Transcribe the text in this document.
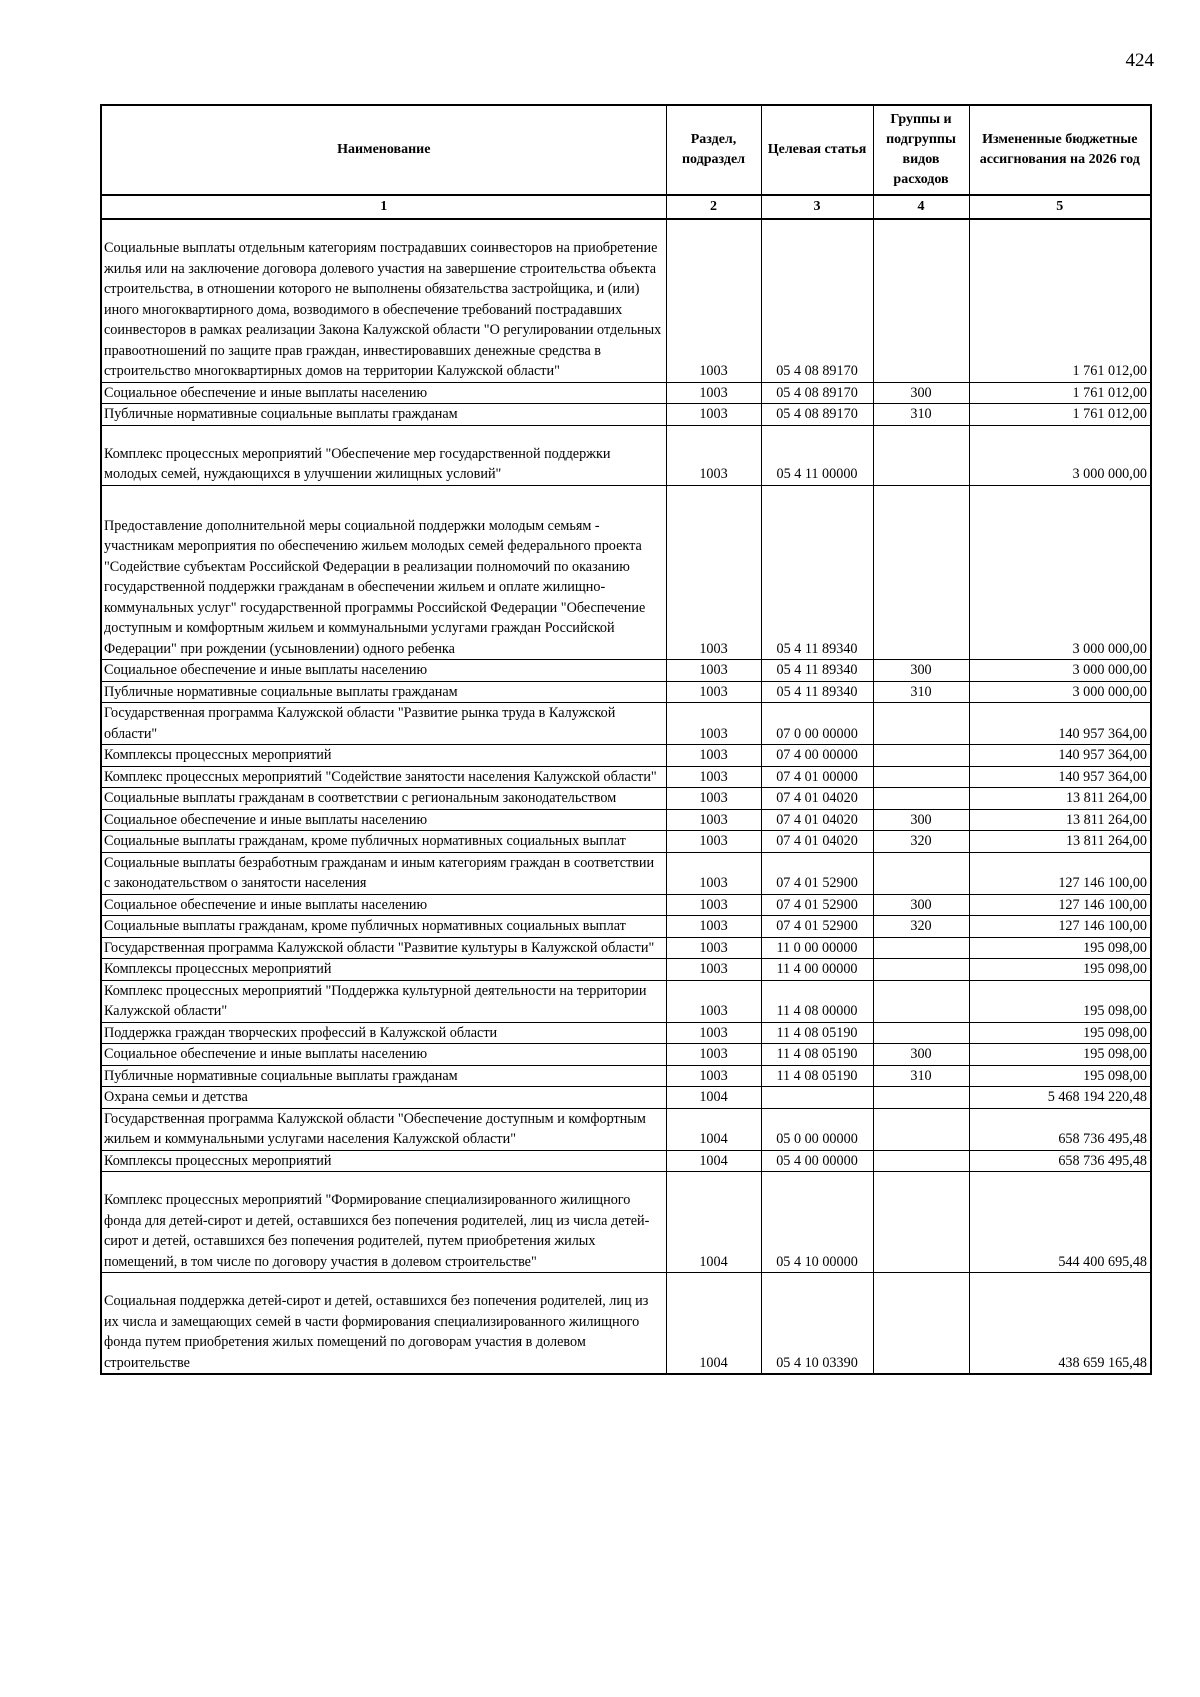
424
Наименование	Раздел, подраздел	Целевая статья	Группы и подгруппы видов расходов	Измененные бюджетные ассигнования на 2026 год
1	2	3	4	5
Социальные выплаты отдельным категориям пострадавших соинвесторов на приобретение жилья или на заключение договора долевого участия на завершение строительства объекта строительства, в отношении которого не выполнены обязательства застройщика, и (или) иного многоквартирного дома, возводимого в обеспечение требований пострадавших соинвесторов в рамках реализации Закона Калужской области "О регулировании отдельных правоотношений по защите прав граждан, инвестировавших денежные средства в строительство многоквартирных домов на территории Калужской области"	1003	05 4 08 89170		1 761 012,00
Социальное обеспечение и иные выплаты населению	1003	05 4 08 89170	300	1 761 012,00
Публичные нормативные социальные выплаты гражданам	1003	05 4 08 89170	310	1 761 012,00
Комплекс процессных мероприятий "Обеспечение мер государственной поддержки молодых семей, нуждающихся в улучшении жилищных условий"	1003	05 4 11 00000		3 000 000,00
Предоставление дополнительной меры социальной поддержки молодым семьям - участникам мероприятия по обеспечению жильем молодых семей федерального проекта "Содействие субъектам Российской Федерации в реализации полномочий по оказанию государственной поддержки гражданам в обеспечении жильем и оплате жилищно-коммунальных услуг" государственной программы Российской Федерации "Обеспечение доступным и комфортным жильем и коммунальными услугами граждан Российской Федерации" при рождении (усыновлении) одного ребенка	1003	05 4 11 89340		3 000 000,00
Социальное обеспечение и иные выплаты населению	1003	05 4 11 89340	300	3 000 000,00
Публичные нормативные социальные выплаты гражданам	1003	05 4 11 89340	310	3 000 000,00
Государственная программа Калужской области "Развитие рынка труда в Калужской области"	1003	07 0 00 00000		140 957 364,00
Комплексы процессных мероприятий	1003	07 4 00 00000		140 957 364,00
Комплекс процессных мероприятий "Содействие занятости населения Калужской области"	1003	07 4 01 00000		140 957 364,00
Социальные выплаты гражданам в соответствии с региональным законодательством	1003	07 4 01 04020		13 811 264,00
Социальное обеспечение и иные выплаты населению	1003	07 4 01 04020	300	13 811 264,00
Социальные выплаты гражданам, кроме публичных нормативных социальных выплат	1003	07 4 01 04020	320	13 811 264,00
Социальные выплаты безработным гражданам и иным категориям граждан в соответствии с законодательством о занятости населения	1003	07 4 01 52900		127 146 100,00
Социальное обеспечение и иные выплаты населению	1003	07 4 01 52900	300	127 146 100,00
Социальные выплаты гражданам, кроме публичных нормативных социальных выплат	1003	07 4 01 52900	320	127 146 100,00
Государственная программа Калужской области "Развитие культуры в Калужской области"	1003	11 0 00 00000		195 098,00
Комплексы процессных мероприятий	1003	11 4 00 00000		195 098,00
Комплекс процессных мероприятий "Поддержка культурной деятельности на территории Калужской области"	1003	11 4 08 00000		195 098,00
Поддержка граждан творческих профессий в Калужской области	1003	11 4 08 05190		195 098,00
Социальное обеспечение и иные выплаты населению	1003	11 4 08 05190	300	195 098,00
Публичные нормативные социальные выплаты гражданам	1003	11 4 08 05190	310	195 098,00
Охрана семьи и детства	1004			5 468 194 220,48
Государственная программа Калужской области "Обеспечение доступным и комфортным жильем и коммунальными услугами населения Калужской области"	1004	05 0 00 00000		658 736 495,48
Комплексы процессных мероприятий	1004	05 4 00 00000		658 736 495,48
Комплекс процессных мероприятий "Формирование специализированного жилищного фонда для детей-сирот и детей, оставшихся без попечения родителей, лиц из числа детей-сирот и детей, оставшихся без попечения родителей, путем приобретения жилых помещений, в том числе по договору участия в долевом строительстве"	1004	05 4 10 00000		544 400 695,48
Социальная поддержка детей-сирот и детей, оставшихся без попечения родителей, лиц из их числа и замещающих семей в части формирования специализированного жилищного фонда путем приобретения жилых помещений по договорам участия в долевом строительстве	1004	05 4 10 03390		438 659 165,48
